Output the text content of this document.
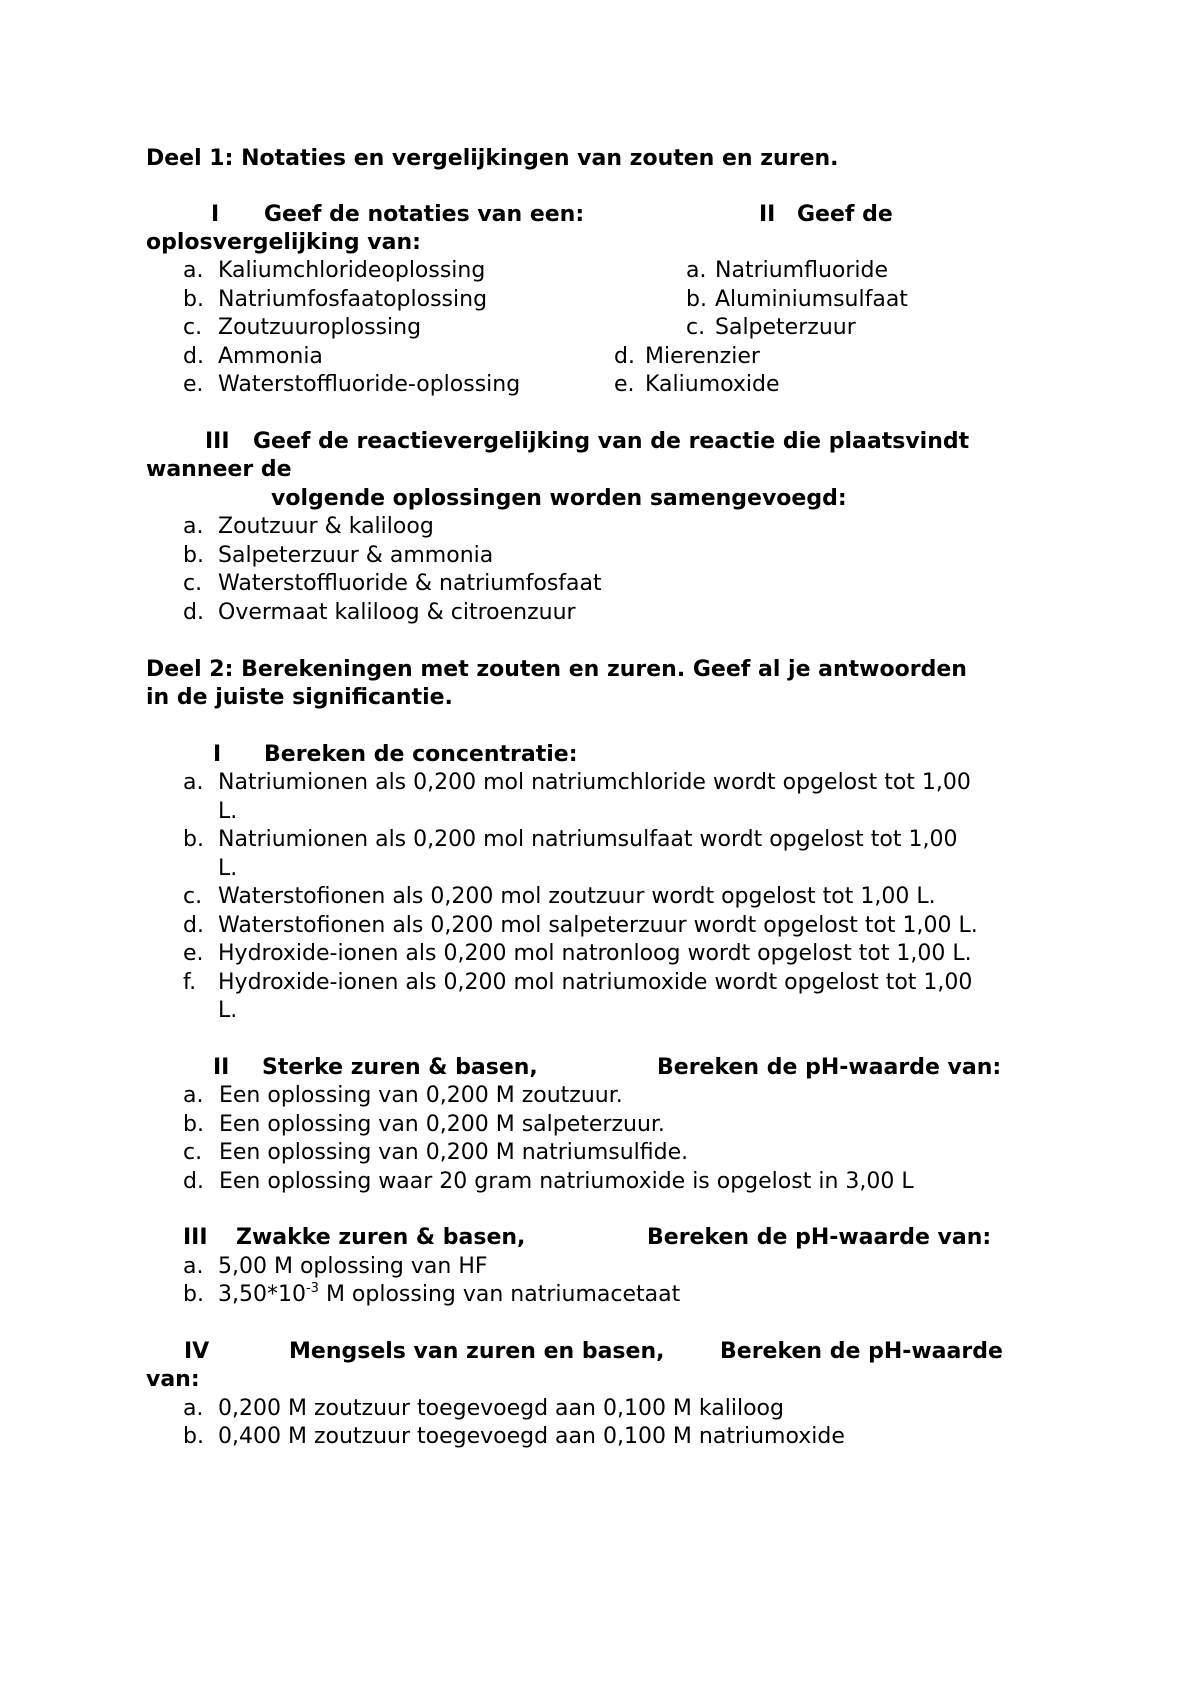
Deel 1: Notaties en vergelijkingen van zouten en zuren.
I Geef de notaties van een:	II Geef de
oplosvergelijking van:
a. Kaliumchlorideoplossing
b. Natriumfosfaatoplossing
c. Zoutzuuroplossing
d. Ammonia
e. Waterstoffluoride-oplossing
a. Natriumfluoride
b. Aluminiumsulfaat
c. Salpeterzuur
d. Mierenzier
e. Kaliumoxide
III Geef de reactievergelijking van de reactie die plaatsvindt
wanneer de
volgende oplossingen worden samengevoegd:
a. Zoutzuur & kaliloog
b. Salpeterzuur & ammonia
c. Waterstoffluoride & natriumfosfaat
d. Overmaat kaliloog & citroenzuur
Deel 2: Berekeningen met zouten en zuren. Geef al je antwoorden
in de juiste significantie.
I Bereken de concentratie:
a. Natriumionen als 0,200 mol natriumchloride wordt opgelost tot 1,00
L.
b. Natriumionen als 0,200 mol natriumsulfaat wordt opgelost tot 1,00
L.
c. Waterstofionen als 0,200 mol zoutzuur wordt opgelost tot 1,00 L.
d. Waterstofionen als 0,200 mol salpeterzuur wordt opgelost tot 1,00 L.
e. Hydroxide-ionen als 0,200 mol natronloog wordt opgelost tot 1,00 L.
f. Hydroxide-ionen als 0,200 mol natriumoxide wordt opgelost tot 1,00
L.
II Sterke zuren & basen,	Bereken de pH-waarde van:
a. Een oplossing van 0,200 M zoutzuur.
b. Een oplossing van 0,200 M salpeterzuur.
c. Een oplossing van 0,200 M natriumsulfide.
d. Een oplossing waar 20 gram natriumoxide is opgelost in 3,00 L
III Zwakke zuren & basen,	Bereken de pH-waarde van:
a. 5,00 M oplossing van HF
b. $3,50*10^{-3}$ M oplossing van natriumacetaat
IV	Mengsels van zuren en basen,	Bereken de pH-waarde
van:
a. 0,200 M zoutzuur toegevoegd aan 0,100 M kaliloog
b. 0,400 M zoutzuur toegevoegd aan 0,100 M natriumoxide
